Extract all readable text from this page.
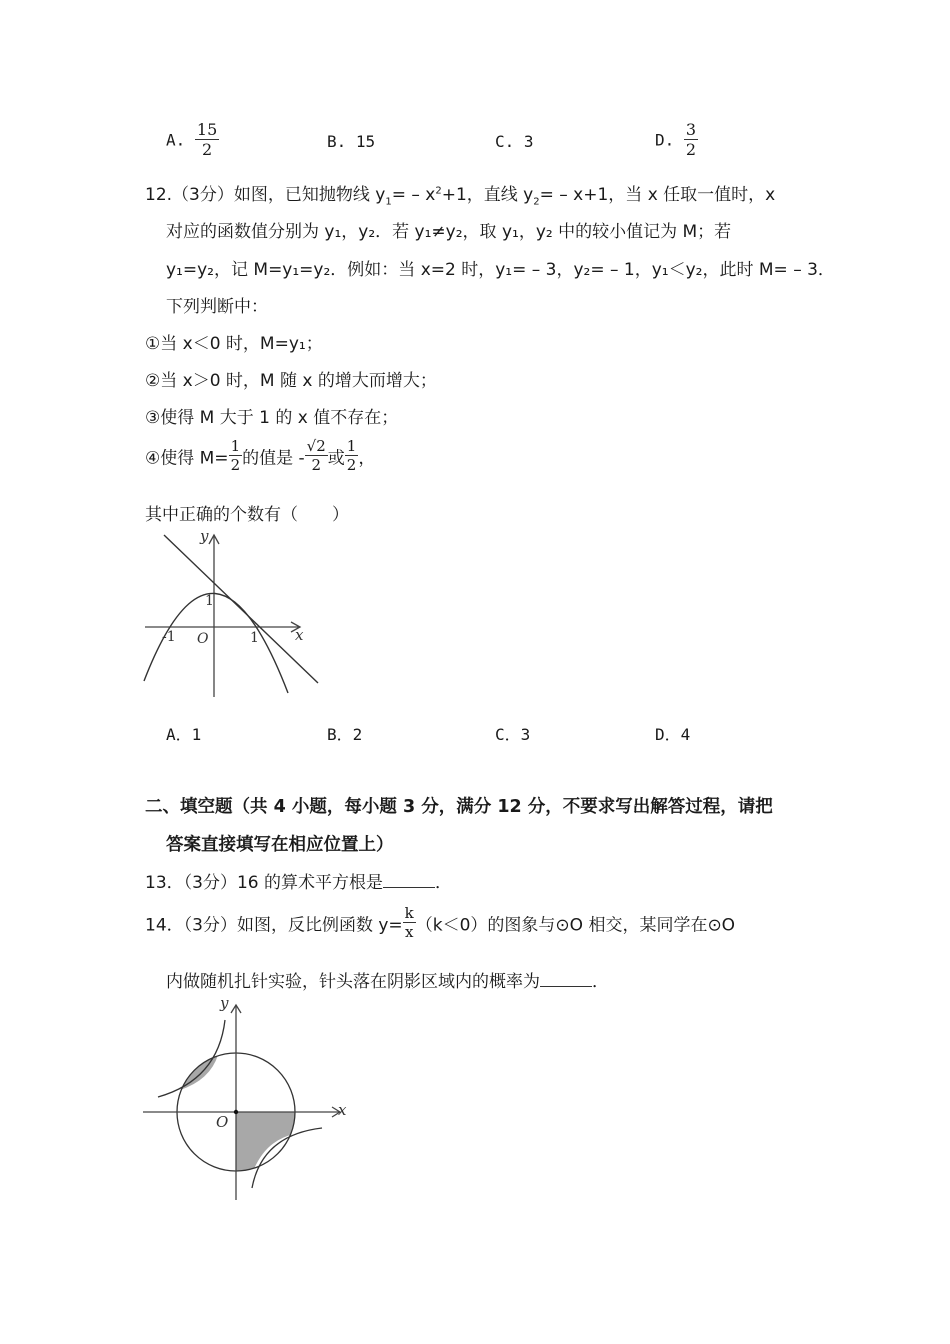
A. $\frac{15}{2}$	B. 15	C. 3	D. $\frac{3}{2}$
12.（3分）如图，已知抛物线 $y_1= - x^2+1$，直线 $y_2= - x+1$，当 x 任取一值时，x
对应的函数值分别为 y₁，y₂．若 y₁≠y₂，取 y₁，y₂ 中的较小值记为 M；若
y₁=y₂，记 M=y₁=y₂．例如：当 x=2 时，y₁= – 3，y₂= – 1，y₁＜y₂，此时 M= – 3．
下列判断中：
①当 x＜0 时，M=y₁；
②当 x＞0 时，M 随 x 的增大而增大；
③使得 M 大于 1 的 x 值不存在；
④使得 $M= \frac{1}{2}$ 的值是 - $\frac{√2}{2}$ 或 $\frac{1}{2}$ ，
其中正确的个数有（　　）
y
x
O
1
-1	1
A．1	B．2	C．3	D．4
二、填空题（共 4 小题，每小题 3 分，满分 12 分，不要求写出解答过程，请把
答案直接填写在相应位置上）
13．（3分）16 的算术平方根是	．
14．（3分）如图，反比例函数 $y= \frac{k}{x} (k<0)$的图象与⊙O 相交，某同学在⊙O
内做随机扎针实验，针头落在阴影区域内的概率为	．
y
x
O
